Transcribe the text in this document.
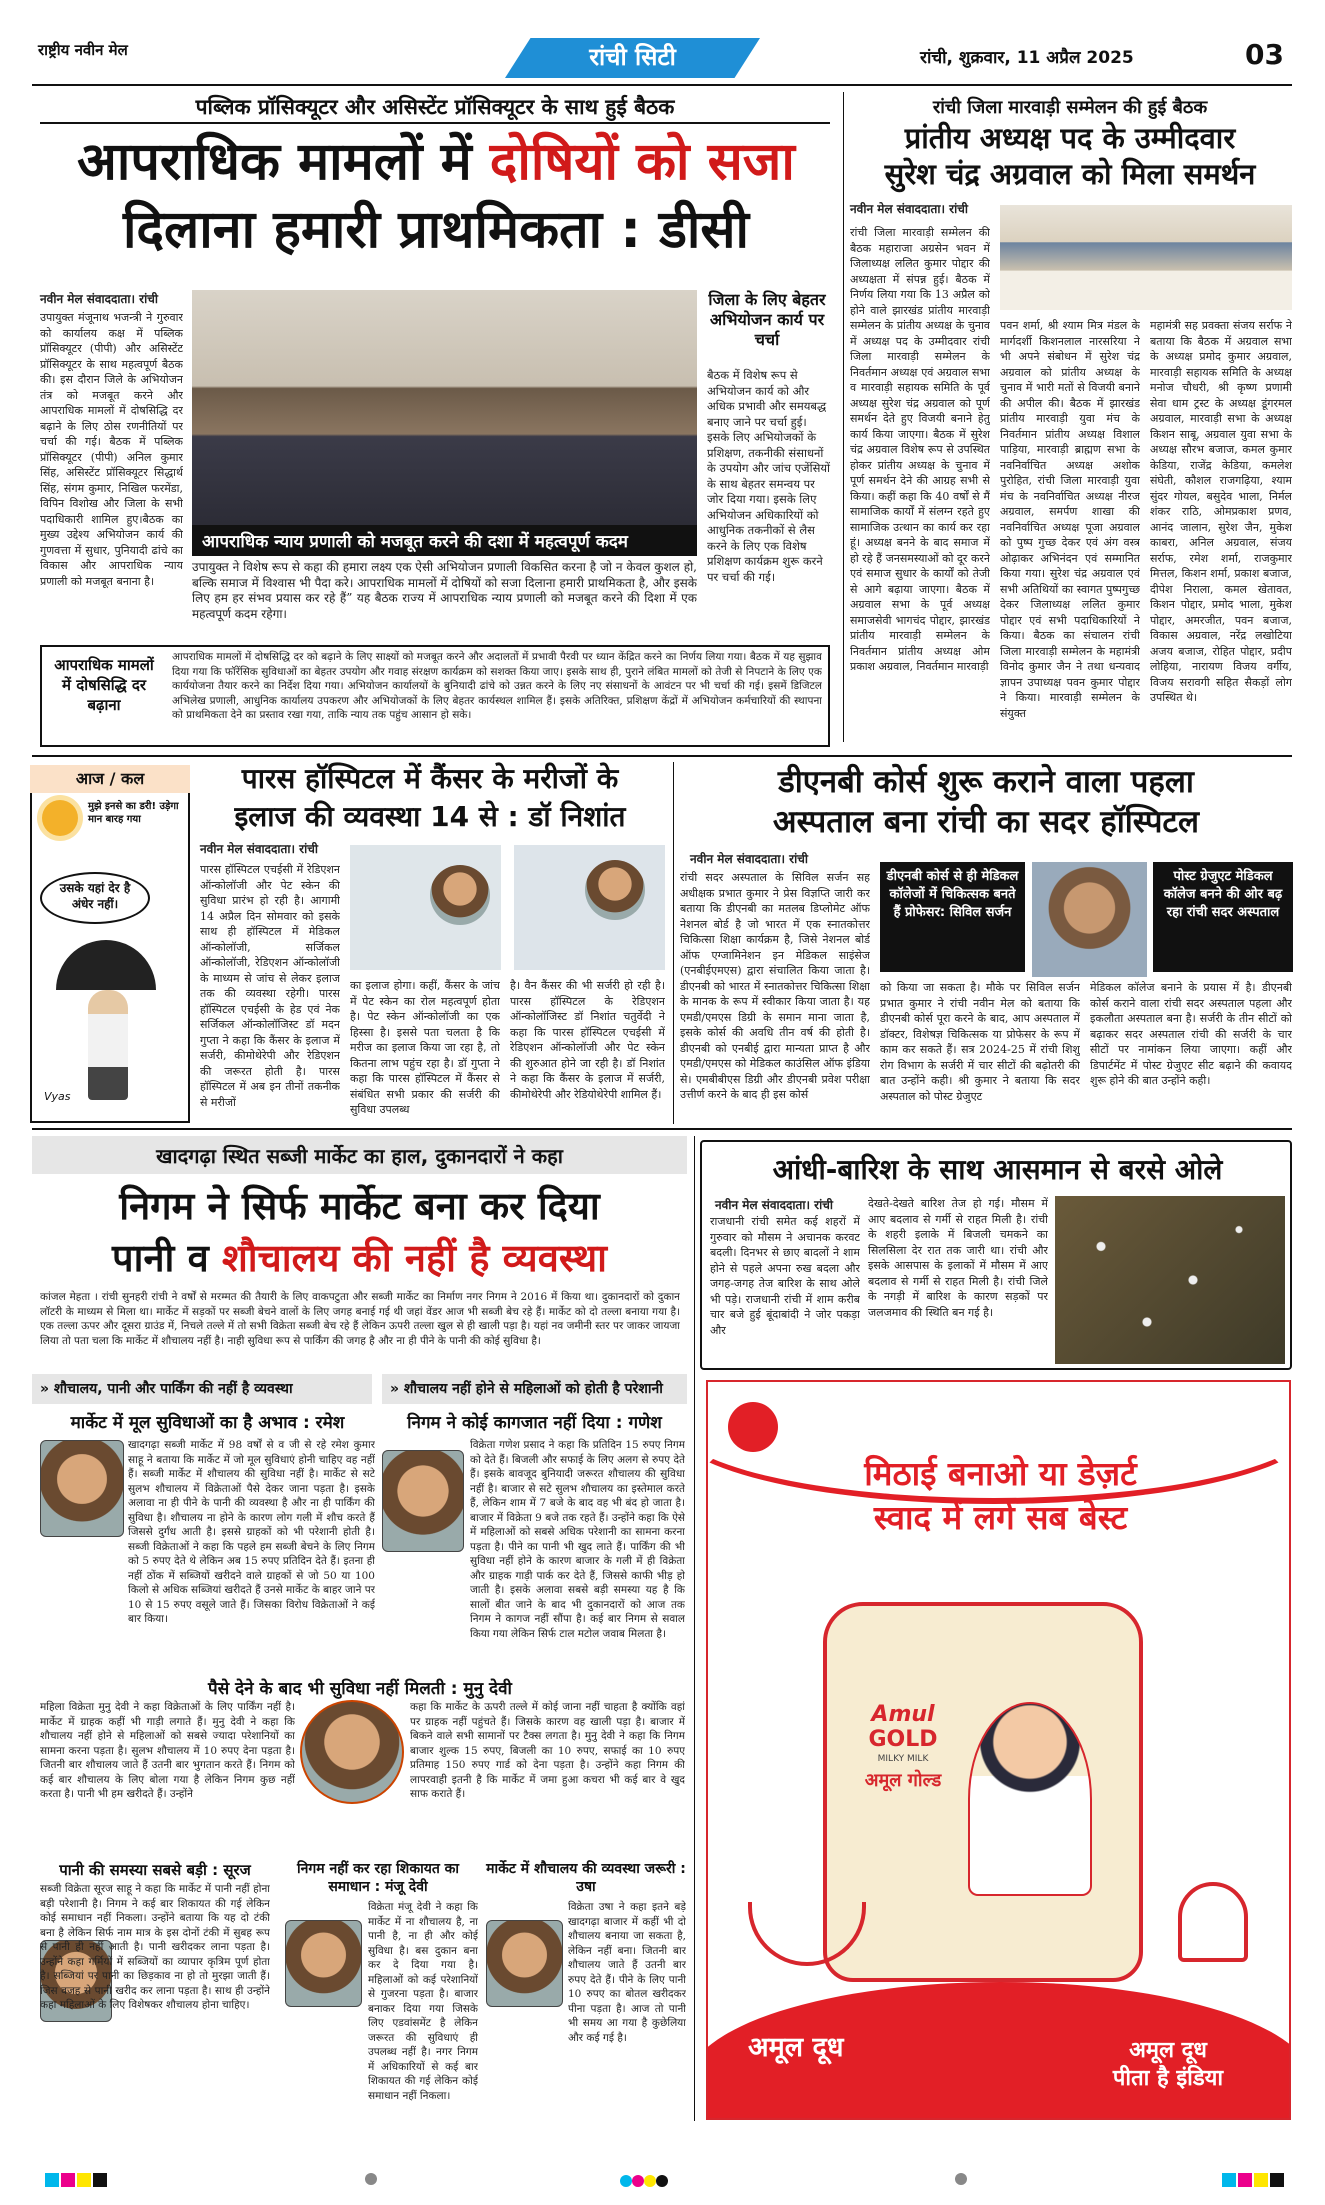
राष्ट्रीय नवीन मेल	रांची सिटी	रांची, शुक्रवार, 11 अप्रैल 2025	03
पब्लिक प्रॉसिक्यूटर और असिस्टेंट प्रॉसिक्यूटर के साथ हुई बैठक
आपराधिक मामलों में दोषियों को सजा
दिलाना हमारी प्राथमिकता : डीसी
नवीन मेल संवाददाता। रांची
उपायुक्त मंजूनाथ भजन्त्री ने गुरुवार को कार्यालय कक्ष में पब्लिक प्रॉसिक्यूटर (पीपी) और असिस्टेंट प्रॉसिक्यूटर के साथ महत्वपूर्ण बैठक की। इस दौरान जिले के अभियोजन तंत्र को मजबूत करने और आपराधिक मामलों में दोषसिद्धि दर बढ़ाने के लिए ठोस रणनीतियों पर चर्चा की गई। बैठक में पब्लिक प्रॉसिक्यूटर (पीपी) अनिल कुमार सिंह, असिस्टेंट प्रॉसिक्यूटर सिद्धार्थ सिंह, संगम कुमार, निखिल फरमेंडा, विपिन विशोख और जिला के सभी पदाधिकारी शामिल हुए।बैठक का मुख्य उद्देश्य अभियोजन कार्य की गुणवत्ता में सुधार, पुनियादी ढांचे का विकास और आपराधिक न्याय प्रणाली को मजबूत बनाना है।
आपराधिक न्याय प्रणाली को मजबूत करने की दशा में महत्वपूर्ण कदम
उपायुक्त ने विशेष रूप से कहा की हमारा लक्ष्य एक ऐसी अभियोजन प्रणाली विकसित करना है जो न केवल कुशल हो, बल्कि समाज में विश्वास भी पैदा करे। आपराधिक मामलों में दोषियों को सजा दिलाना हमारी प्राथमिकता है, और इसके लिए हम हर संभव प्रयास कर रहे हैं” यह बैठक राज्य में आपराधिक न्याय प्रणाली को मजबूत करने की दिशा में एक महत्वपूर्ण कदम रहेगा।
जिला के लिए बेहतर अभियोजन कार्य पर चर्चा
बैठक में विशेष रूप से अभियोजन कार्य को और अधिक प्रभावी और समयबद्ध बनाए जाने पर चर्चा हुई। इसके लिए अभियोजकों के प्रशिक्षण, तकनीकी संसाधनों के उपयोग और जांच एजेंसियों के साथ बेहतर समन्वय पर जोर दिया गया। इसके लिए अभियोजन अधिकारियों को आधुनिक तकनीकों से लैस करने के लिए एक विशेष प्रशिक्षण कार्यक्रम शुरू करने पर चर्चा की गई।
आपराधिक मामलों में दोषसिद्धि दर बढ़ाना
आपराधिक मामलों में दोषसिद्धि दर को बढ़ाने के लिए साक्ष्यों को मजबूत करने और अदालतों में प्रभावी पैरवी पर ध्यान केंद्रित करने का निर्णय लिया गया। बैठक में यह सुझाव दिया गया कि फॉरेंसिक सुविधाओं का बेहतर उपयोग और गवाह संरक्षण कार्यक्रम को सशक्त किया जाए। इसके साथ ही, पुराने लंबित मामलों को तेजी से निपटाने के लिए एक कार्ययोजना तैयार करने का निर्देश दिया गया। अभियोजन कार्यालयों के बुनियादी ढांचे को उन्नत करने के लिए नए संसाधनों के आवंटन पर भी चर्चा की गई। इसमें डिजिटल अभिलेख प्रणाली, आधुनिक कार्यालय उपकरण और अभियोजकों के लिए बेहतर कार्यस्थल शामिल हैं। इसके अतिरिक्त, प्रशिक्षण केंद्रों में अभियोजन कर्मचारियों की स्थापना को प्राथमिकता देने का प्रस्ताव रखा गया, ताकि न्याय तक पहुंच आसान हो सके।
रांची जिला मारवाड़ी सम्मेलन की हुई बैठक
प्रांतीय अध्यक्ष पद के उम्मीदवार
सुरेश चंद्र अग्रवाल को मिला समर्थन
नवीन मेल संवाददाता। रांची
रांची जिला मारवाड़ी सम्मेलन की बैठक महाराजा अग्रसेन भवन में जिलाध्यक्ष ललित कुमार पोद्दार की अध्यक्षता में संपन्न हुई। बैठक में निर्णय लिया गया कि 13 अप्रैल को होने वाले झारखंड प्रांतीय मारवाड़ी सम्मेलन के प्रांतीय अध्यक्ष के चुनाव में अध्यक्ष पद के उम्मीदवार रांची जिला मारवाड़ी सम्मेलन के निवर्तमान अध्यक्ष एवं अग्रवाल सभा व मारवाड़ी सहायक समिति के पूर्व अध्यक्ष सुरेश चंद्र अग्रवाल को पूर्ण समर्थन देते हुए विजयी बनाने हेतु कार्य किया जाएगा। बैठक में सुरेश चंद्र अग्रवाल विशेष रूप से उपस्थित होकर प्रांतीय अध्यक्ष के चुनाव में पूर्ण समर्थन देने की आग्रह सभी से किया। कहीं कहा कि 40 वर्षों से मैं सामाजिक कार्यों में संलग्न रहते हुए सामाजिक उत्थान का कार्य कर रहा हूं। अध्यक्ष बनने के बाद समाज में हो रहे हैं जनसमस्याओं को दूर करने एवं समाज सुधार के कार्यों को तेजी से आगे बढ़ाया जाएगा। बैठक में अग्रवाल सभा के पूर्व अध्यक्ष समाजसेवी भागचंद पोद्दार, झारखंड प्रांतीय मारवाड़ी सम्मेलन के निवर्तमान प्रांतीय अध्यक्ष ओम प्रकाश अग्रवाल, निवर्तमान मारवाड़ी
पवन शर्मा, श्री श्याम मित्र मंडल के मार्गदर्शी किशनलाल नारसरिया ने भी अपने संबोधन में सुरेश चंद्र अग्रवाल को प्रांतीय अध्यक्ष के चुनाव में भारी मतों से विजयी बनाने की अपील की। बैठक में झारखंड प्रांतीय मारवाड़ी युवा मंच के निवर्तमान प्रांतीय अध्यक्ष विशाल पाड़िया, मारवाड़ी ब्राह्मण सभा के नवनिर्वाचित अध्यक्ष अशोक पुरोहित, रांची जिला मारवाड़ी युवा मंच के नवनिर्वाचित अध्यक्ष नीरज अग्रवाल, समर्पण शाखा की नवनिर्वाचित अध्यक्ष पूजा अग्रवाल को पुष्प गुच्छ देकर एवं अंग वस्त्र ओढ़ाकर अभिनंदन एवं सम्मानित किया गया। सुरेश चंद्र अग्रवाल एवं सभी अतिथियों का स्वागत पुष्पगुच्छ देकर जिलाध्यक्ष ललित कुमार पोद्दार एवं सभी पदाधिकारियों ने किया। बैठक का संचालन रांची जिला मारवाड़ी सम्मेलन के महामंत्री विनोद कुमार जैन ने तथा धन्यवाद ज्ञापन उपाध्यक्ष पवन कुमार पोद्दार ने किया। मारवाड़ी सम्मेलन के संयुक्त
महामंत्री सह प्रवक्ता संजय सर्राफ ने बताया कि बैठक में अग्रवाल सभा के अध्यक्ष प्रमोद कुमार अग्रवाल, मारवाड़ी सहायक समिति के अध्यक्ष मनोज चौधरी, श्री कृष्ण प्रणामी सेवा धाम ट्रस्ट के अध्यक्ष डूंगरमल अग्रवाल, मारवाड़ी सभा के अध्यक्ष किशन साबू, अग्रवाल युवा सभा के अध्यक्ष सौरभ बजाज, कमल कुमार केडिया, राजेंद्र केडिया, कमलेश संघेती, कौशल राजगढ़िया, श्याम सुंदर गोयल, बसुदेव भाला, निर्मल शंकर राठि, ओमप्रकाश प्रणव, आनंद जालान, सुरेश जैन, मुकेश काबरा, अनिल अग्रवाल, संजय सर्राफ, रमेश शर्मा, राजकुमार मित्तल, किशन शर्मा, प्रकाश बजाज, दीपेश निराला, कमल खेतावत, किशन पोद्दार, प्रमोद भाला, मुकेश पोद्दार, अमरजीत, पवन बजाज, विकास अग्रवाल, नरेंद्र लखोटिया अजय बजाज, रोहित पोद्दार, प्रदीप लोहिया, नारायण विजय वर्गीय, विजय सरावगी सहित सैकड़ों लोग उपस्थित थे।
आज / कल
मुझे इनसे का डरी! उड़ेगा मान बारह गया
उसके यहां देर है अंधेर नहीं।
Vyas
पारस हॉस्पिटल में कैंसर के मरीजों के
इलाज की व्यवस्था 14 से : डॉ निशांत
नवीन मेल संवाददाता। रांची
पारस हॉस्पिटल एचईसी में रेडिएशन ऑन्कोलॉजी और पेट स्केन की सुविधा प्रारंभ हो रही है। आगामी 14 अप्रैल दिन सोमवार को इसके साथ ही हॉस्पिटल में मेडिकल ऑन्कोलॉजी, सर्जिकल ऑन्कोलॉजी, रेडिएशन ऑन्कोलॉजी के माध्यम से जांच से लेकर इलाज तक की व्यवस्था रहेगी। पारस हॉस्पिटल एचईसी के हेड एवं नेक सर्जिकल ऑन्कोलॉजिस्ट डॉ मदन गुप्ता ने कहा कि कैंसर के इलाज में सर्जरी, कीमोथेरेपी और रेडिएशन की जरूरत होती है। पारस हॉस्पिटल में अब इन तीनों तकनीक से मरीजों
का इलाज होगा। कहीं, कैंसर के जांच में पेट स्केन का रोल महत्वपूर्ण होता है। पेट स्केन ऑन्कोलॉजी का एक हिस्सा है। इससे पता चलता है कि मरीज का इलाज किया जा रहा है, तो कितना लाभ पहुंच रहा है। डॉ गुप्ता ने कहा कि पारस हॉस्पिटल में कैंसर से संबंधित सभी प्रकार की सर्जरी की सुविधा उपलब्ध
है। वैन कैंसर की भी सर्जरी हो रही है। पारस हॉस्पिटल के रेडिएशन ऑन्कोलॉजिस्ट डॉ निशांत चतुर्वेदी ने कहा कि पारस हॉस्पिटल एचईसी में रेडिएशन ऑन्कोलॉजी और पेट स्केन की शुरुआत होने जा रही है। डॉ निशांत ने कहा कि कैंसर के इलाज में सर्जरी, कीमोथेरेपी और रेडियोथेरेपी शामिल हैं।
डीएनबी कोर्स शुरू कराने वाला पहला
अस्पताल बना रांची का सदर हॉस्पिटल
नवीन मेल संवाददाता। रांची
रांची सदर अस्पताल के सिविल सर्जन सह अधीक्षक प्रभात कुमार ने प्रेस विज्ञप्ति जारी कर बताया कि डीएनबी का मतलब डिप्लोमेट ऑफ नेशनल बोर्ड है जो भारत में एक स्नातकोत्तर चिकित्सा शिक्षा कार्यक्रम है, जिसे नेशनल बोर्ड ऑफ एग्जामिनेशन इन मेडिकल साइंसेज (एनबीईएमएस) द्वारा संचालित किया जाता है। डीएनबी को भारत में स्नातकोत्तर चिकित्सा शिक्षा के मानक के रूप में स्वीकार किया जाता है। यह एमडी/एमएस डिग्री के समान माना जाता है, इसके कोर्स की अवधि तीन वर्ष की होती है। डीएनबी को एनबीई द्वारा मान्यता प्राप्त है और एमडी/एमएस को मेडिकल काउंसिल ऑफ इंडिया से। एमबीबीएस डिग्री और डीएनबी प्रवेश परीक्षा उत्तीर्ण करने के बाद ही इस कोर्स
डीएनबी कोर्स से ही मेडिकल कॉलेजों में चिकित्सक बनते हैं प्रोफेसर: सिविल सर्जन
पोस्ट ग्रेजुएट मेडिकल कॉलेज बनने की ओर बढ़ रहा रांची सदर अस्पताल
को किया जा सकता है। मौके पर सिविल सर्जन प्रभात कुमार ने रांची नवीन मेल को बताया कि डीएनबी कोर्स पूरा करने के बाद, आप अस्पताल में डॉक्टर, विशेषज्ञ चिकित्सक या प्रोफेसर के रूप में काम कर सकते हैं। सत्र 2024-25 में रांची शिशु रोग विभाग के सर्जरी में चार सीटों की बढ़ोतरी की बात उन्होंने कही। श्री कुमार ने बताया कि सदर अस्पताल को पोस्ट ग्रेजुएट
मेडिकल कॉलेज बनाने के प्रयास में है। डीएनबी कोर्स कराने वाला रांची सदर अस्पताल पहला और इकलौता अस्पताल बना है। सर्जरी के तीन सीटों को बढ़ाकर सदर अस्पताल रांची की सर्जरी के चार सीटों पर नामांकन लिया जाएगा। कहीं और डिपार्टमेंट में पोस्ट ग्रेजुएट सीट बढ़ाने की कवायद शुरू होने की बात उन्होंने कही।
खादगढ़ा स्थित सब्जी मार्केट का हाल, दुकानदारों ने कहा
निगम ने सिर्फ मार्केट बना कर दिया
पानी व शौचालय की नहीं है व्यवस्था
कांजल मेहता । रांची सुनहरी रांची ने वर्षों से मरम्मत की तैयारी के लिए वाकपटुता और सब्जी मार्केट का निर्माण नगर निगम ने 2016 में किया था। दुकानदारों को दुकान लॉटरी के माध्यम से मिला था। मार्केट में सड़कों पर सब्जी बेचने वालों के लिए जगह बनाई गई थी जहां वेंडर आज भी सब्जी बेच रहे हैं। मार्केट को दो तल्ला बनाया गया है। एक तल्ला ऊपर और दूसरा ग्राउंड में, निचले तल्ले में तो सभी विक्रेता सब्जी बेच रहे हैं लेकिन ऊपरी तल्ला खुल से ही खाली पड़ा है। यहां नव जमीनी स्तर पर जाकर जायजा लिया तो पता चला कि मार्केट में शौचालय नहीं है। नाही सुविधा रूप से पार्किंग की जगह है और ना ही पीने के पानी की कोई सुविधा है।
» शौचालय, पानी और पार्किंग की नहीं है व्यवस्था	» शौचालय नहीं होने से महिलाओं को होती है परेशानी
मार्केट में मूल सुविधाओं का है अभाव : रमेश
खादगढ़ा सब्जी मार्केट में 98 वर्षों से व जी से रहे रमेश कुमार साहू ने बताया कि मार्केट में जो मूल सुविधाएं होनी चाहिए वह नहीं हैं। सब्जी मार्केट में शौचालय की सुविधा नहीं है। मार्केट से सटे सुलभ शौचालय में विक्रेताओं पैसे देकर जाना पड़ता है। इसके अलावा ना ही पीने के पानी की व्यवस्था है और ना ही पार्किंग की सुविधा है। शौचालय ना होने के कारण लोग गली में शौच करते हैं जिससे दुर्गंध आती है। इससे ग्राहकों को भी परेशानी होती है। सब्जी विक्रेताओं ने कहा कि पहले हम सब्जी बेचने के लिए निगम को 5 रुपए देते थे लेकिन अब 15 रुपए प्रतिदिन देते हैं। इतना ही नहीं ठोंक में सब्जियों खरीदने वाले ग्राहकों से जो 50 या 100 किलो से अधिक सब्जियां खरीदते हैं उनसे मार्केट के बाहर जाने पर 10 से 15 रुपए वसूले जाते हैं। जिसका विरोध विक्रेताओं ने कई बार किया।
निगम ने कोई कागजात नहीं दिया : गणेश
विक्रेता गणेश प्रसाद ने कहा कि प्रतिदिन 15 रुपए निगम को देते हैं। बिजली और सफाई के लिए अलग से रुपए देते हैं। इसके बावजूद बुनियादी जरूरत शौचालय की सुविधा नहीं है। बाजार से सटे सुलभ शौचालय का इस्तेमाल करते हैं, लेकिन शाम में 7 बजे के बाद वह भी बंद हो जाता है। बाजार में विक्रेता 9 बजे तक रहते हैं। उन्होंने कहा कि ऐसे में महिलाओं को सबसे अधिक परेशानी का सामना करना पड़ता है। पीने का पानी भी खुद लाते हैं। पार्किंग की भी सुविधा नहीं होने के कारण बाजार के गली में ही विक्रेता और ग्राहक गाड़ी पार्क कर देते हैं, जिससे काफी भीड़ हो जाती है। इसके अलावा सबसे बड़ी समस्या यह है कि सालों बीत जाने के बाद भी दुकानदारों को आज तक निगम ने कागज नहीं सौंपा है। कई बार निगम से सवाल किया गया लेकिन सिर्फ टाल मटोल जवाब मिलता है।
पैसे देने के बाद भी सुविधा नहीं मिलती : मुनु देवी
महिला विक्रेता मुनु देवी ने कहा विक्रेताओं के लिए पार्किंग नहीं है। मार्केट में ग्राहक कहीं भी गाड़ी लगाते हैं। मुनु देवी ने कहा कि शौचालय नहीं होने से महिलाओं को सबसे ज्यादा परेशानियों का सामना करना पड़ता है। सुलभ शौचालय में 10 रुपए देना पड़ता है। जितनी बार शौचालय जाते हैं उतनी बार भुगतान करते हैं। निगम को कई बार शौचालय के लिए बोला गया है लेकिन निगम कुछ नहीं करता है। पानी भी हम खरीदते हैं। उन्होंने
कहा कि मार्केट के ऊपरी तल्ले में कोई जाना नहीं चाहता है क्योंकि वहां पर ग्राहक नहीं पहुंचते हैं। जिसके कारण वह खाली पड़ा है। बाजार में बिकने वाले सभी सामानों पर टैक्स लगता है। मुनु देवी ने कहा कि निगम बाजार शुल्क 15 रुपए, बिजली का 10 रुपए, सफाई का 10 रुपए प्रतिमाह 150 रुपए गार्ड को देना पड़ता है। उन्होंने कहा निगम की लापरवाही इतनी है कि मार्केट में जमा हुआ कचरा भी कई बार वे खुद साफ कराते हैं।
पानी की समस्या सबसे बड़ी : सूरज
सब्जी विक्रेता सूरज साहू ने कहा कि मार्केट में पानी नहीं होना बड़ी परेशानी है। निगम ने कई बार शिकायत की गई लेकिन कोई समाधान नहीं निकला। उन्होंने बताया कि यह दो टंकी बना है लेकिन सिर्फ नाम मात्र के इस दोनों टंकी में सुबह रूप से पानी ही नहीं आती है। पानी खरीदकर लाना पड़ता है। उन्होंने कहा गर्मियों में सब्जियों का व्यापार कृत्रिम पूर्ण होता है। सब्जियां पर पानी का छिड़काव ना हो तो मुरझा जाती हैं। जिस वजह से पानी खरीद कर लाना पड़ता है। साथ ही उन्होंने कहा महिलाओं के लिए विशेषकर शौचालय होना चाहिए।
निगम नहीं कर रहा शिकायत का समाधान : मंजू देवी
विक्रेता मंजू देवी ने कहा कि मार्केट में ना शौचालय है, ना पानी है, ना ही और कोई सुविधा है। बस दुकान बना कर दे दिया गया है। महिलाओं को कई परेशानियों से गुजरना पड़ता है। बाजार बनाकर दिया गया जिसके लिए एडवांसमेंट है लेकिन जरूरत की सुविधाएं ही उपलब्ध नहीं है। नगर निगम में अधिकारियों से कई बार शिकायत की गई लेकिन कोई समाधान नहीं निकला।
मार्केट में शौचालय की व्यवस्था जरूरी : उषा
विक्रेता उषा ने कहा इतने बड़े खादगढ़ा बाजार में कहीं भी दो शौचालय बनाया जा सकता है, लेकिन नहीं बना। जितनी बार शौचालय जाते हैं उतनी बार रुपए देते हैं। पीने के लिए पानी 10 रुपए का बोतल खरीदकर पीना पड़ता है। आज तो पानी भी समय आ गया है कुछेलिया और कई गई है।
आंधी-बारिश के साथ आसमान से बरसे ओले
नवीन मेल संवाददाता। रांची
राजधानी रांची समेत कई शहरों में गुरुवार को मौसम ने अचानक करवट बदली। दिनभर से छाए बादलों ने शाम होने से पहले अपना रुख बदला और जगह-जगह तेज बारिश के साथ ओले भी पड़े। राजधानी रांची में शाम करीब चार बजे हुई बूंदाबांदी ने जोर पकड़ा और
देखते-देखते बारिश तेज हो गई। मौसम में आए बदलाव से गर्मी से राहत मिली है। रांची के शहरी इलाके में बिजली चमकने का सिलसिला देर रात तक जारी था। रांची और इसके आसपास के इलाकों में मौसम में आए बदलाव से गर्मी से राहत मिली है। रांची जिले के नगड़ी में बारिश के कारण सड़कों पर जलजमाव की स्थिति बन गई है।
मिठाई बनाओ या डेज़र्ट
स्वाद में लगे सब बेस्ट
Amul
GOLD
MILKY MILK
अमूल गोल्ड
अमूल दूध	अमूल दूध
पीता है इंडिया
